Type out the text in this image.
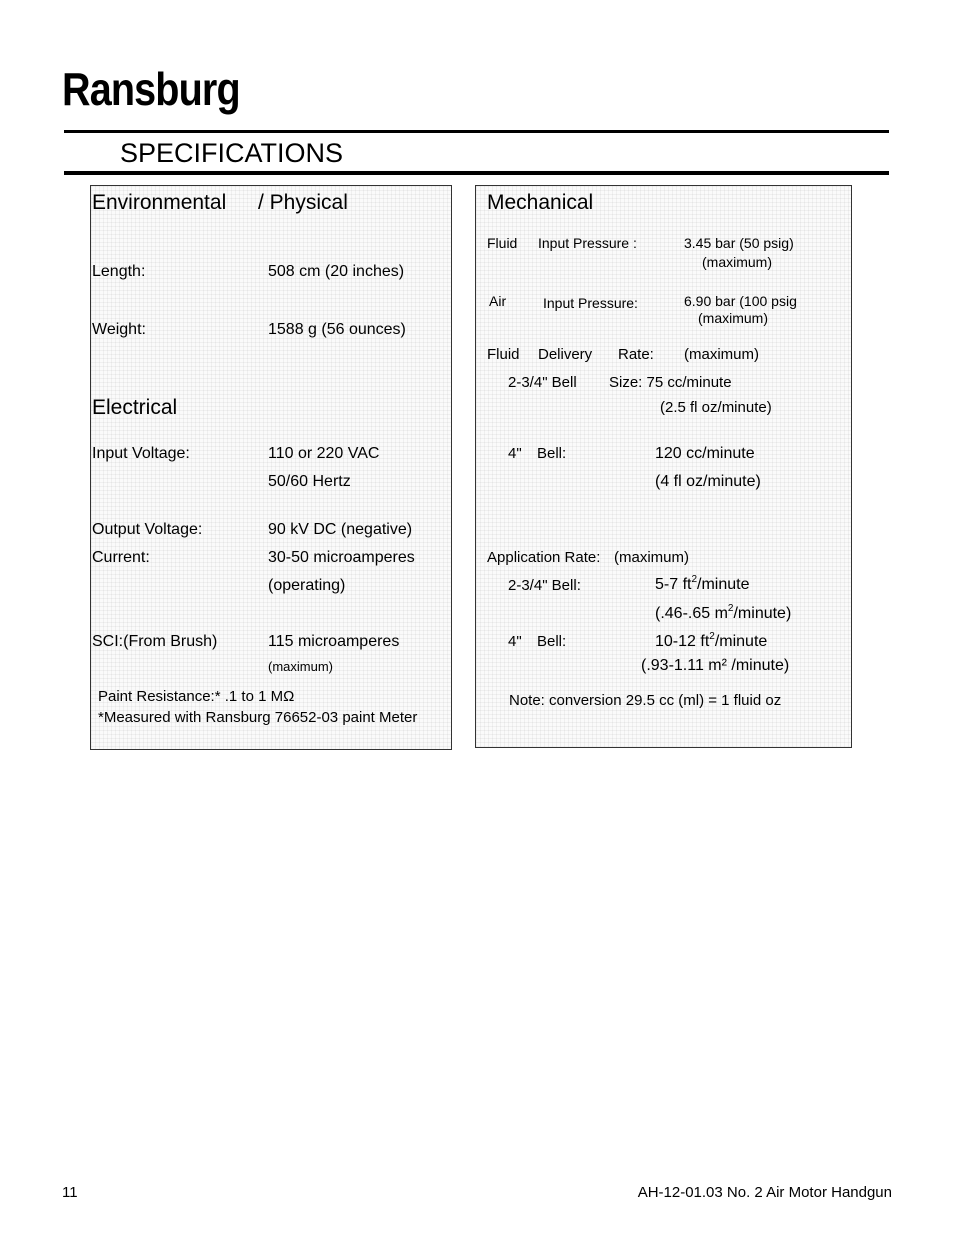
Ransburg
SPECIFICATIONS
Environmental / Physical
Length:	508 cm (20 inches)
Weight:	1588 g (56 ounces)
Electrical
Input Voltage:	110 or 220 VAC
50/60 Hertz
Output Voltage:	90 kV DC (negative)
Current:	30-50 microamperes
(operating)
SCI:(From Brush)	115 microamperes
(maximum)
Paint Resistance:* .1 to 1 MΩ
*Measured with Ransburg 76652-03 paint Meter
Mechanical
Fluid Input Pressure :	3.45 bar (50 psig)
(maximum)
Air	Input Pressure:	6.90 bar (100 psig
(maximum)
Fluid Delivery Rate: (maximum)
2-3/4" Bell Size: 75 cc/minute
(2.5 fl oz/minute)
4" Bell:	120 cc/minute
(4 fl oz/minute)
Application Rate: (maximum)
2-3/4" Bell:	5-7 $ft^2$/minute
(.46-.65 $m^2/minute$)
4" Bell:	10-12 $ft^2$/minute
(.93-1.11 m² /minute)
Note: conversion 29.5 cc (ml) = 1 fluid oz
11	AH-12-01.03 No. 2 Air Motor Handgun
